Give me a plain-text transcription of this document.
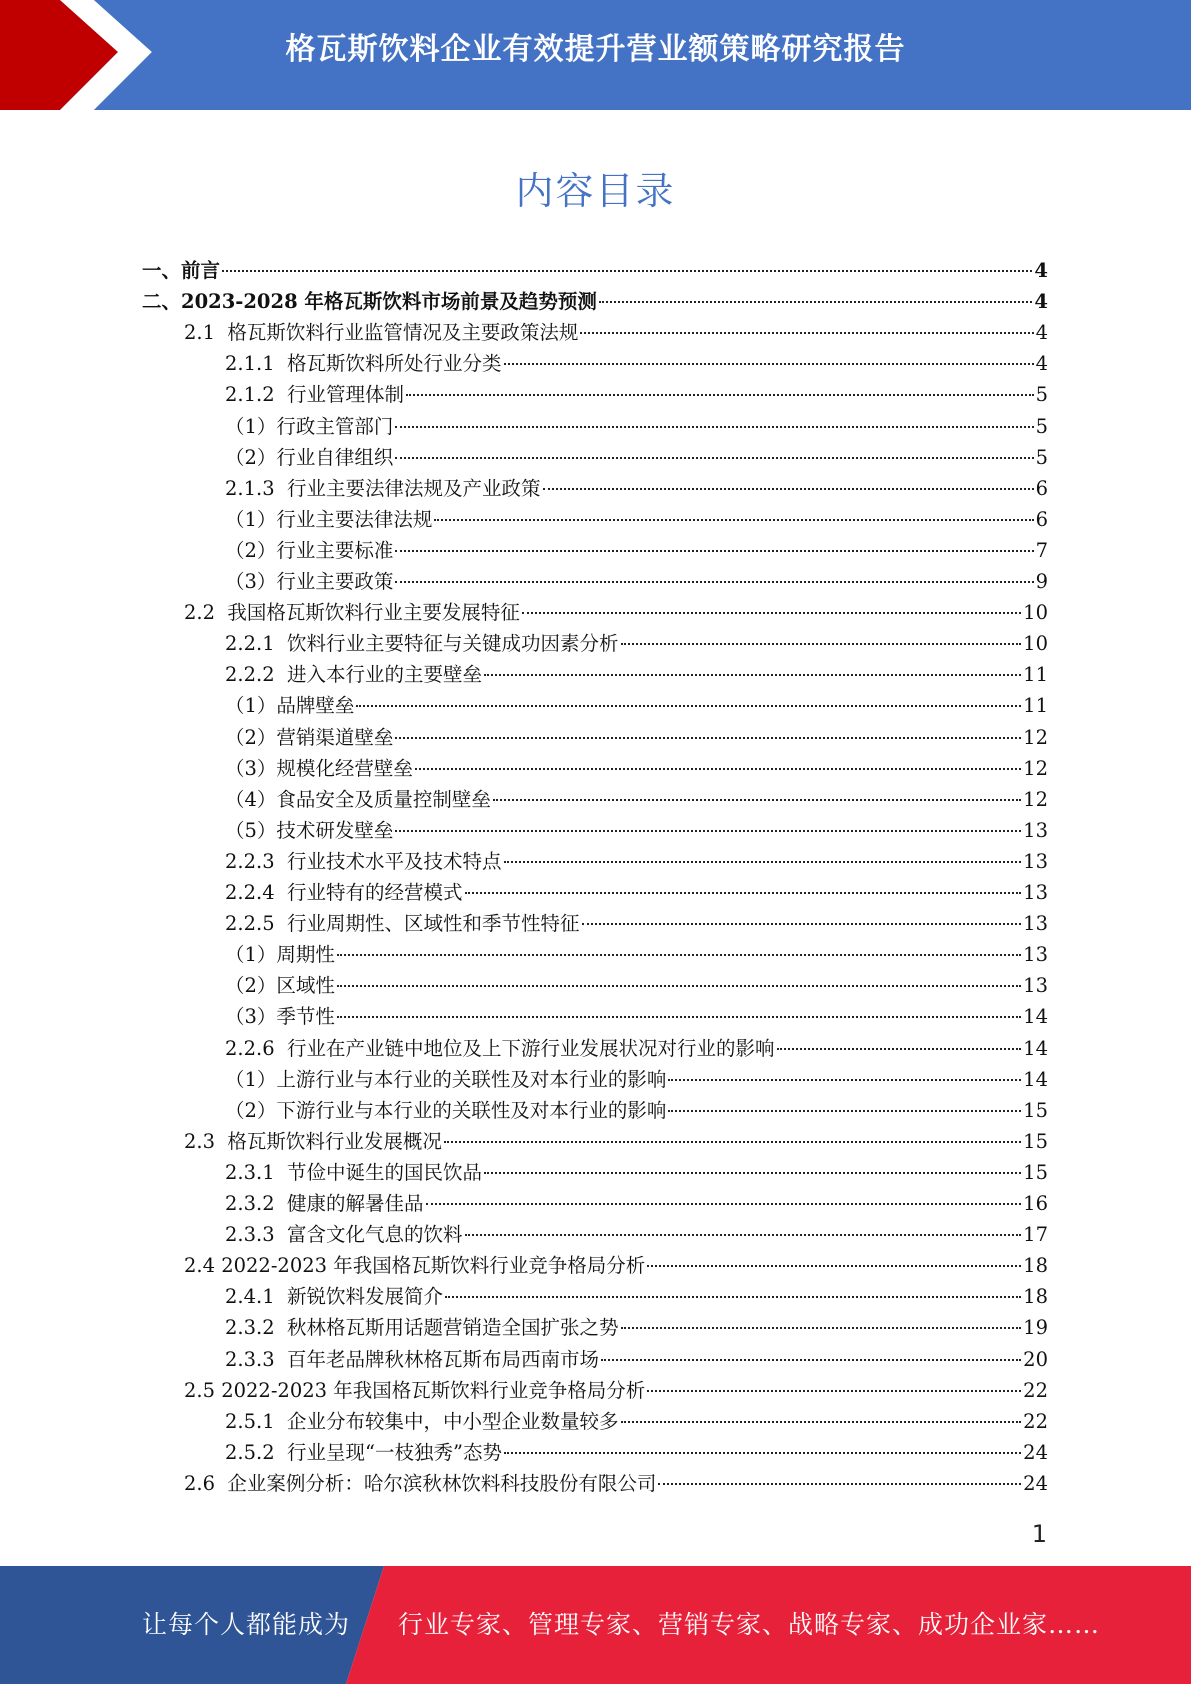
格瓦斯饮料企业有效提升营业额策略研究报告
内容目录
一、前言	4
二、2023-2028 年格瓦斯饮料市场前景及趋势预测	4
2.1  格瓦斯饮料行业监管情况及主要政策法规	4
2.1.1  格瓦斯饮料所处行业分类	4
2.1.2  行业管理体制	5
（1）行政主管部门	5
（2）行业自律组织	5
2.1.3  行业主要法律法规及产业政策	6
（1）行业主要法律法规	6
（2）行业主要标准	7
（3）行业主要政策	9
2.2  我国格瓦斯饮料行业主要发展特征	10
2.2.1  饮料行业主要特征与关键成功因素分析	10
2.2.2  进入本行业的主要壁垒	11
（1）品牌壁垒	11
（2）营销渠道壁垒	12
（3）规模化经营壁垒	12
（4）食品安全及质量控制壁垒	12
（5）技术研发壁垒	13
2.2.3  行业技术水平及技术特点	13
2.2.4  行业特有的经营模式	13
2.2.5  行业周期性、区域性和季节性特征	13
（1）周期性	13
（2）区域性	13
（3）季节性	14
2.2.6  行业在产业链中地位及上下游行业发展状况对行业的影响	14
（1）上游行业与本行业的关联性及对本行业的影响	14
（2）下游行业与本行业的关联性及对本行业的影响	15
2.3  格瓦斯饮料行业发展概况	15
2.3.1  节俭中诞生的国民饮品	15
2.3.2  健康的解暑佳品	16
2.3.3  富含文化气息的饮料	17
2.4 2022-2023 年我国格瓦斯饮料行业竞争格局分析	18
2.4.1  新锐饮料发展简介	18
2.3.2  秋林格瓦斯用话题营销造全国扩张之势	19
2.3.3  百年老品牌秋林格瓦斯布局西南市场	20
2.5 2022-2023 年我国格瓦斯饮料行业竞争格局分析	22
2.5.1  企业分布较集中，中小型企业数量较多	22
2.5.2  行业呈现“一枝独秀”态势	24
2.6  企业案例分析：哈尔滨秋林饮料科技股份有限公司	24
1
让每个人都能成为 行业专家、管理专家、营销专家、战略专家、成功企业家……
